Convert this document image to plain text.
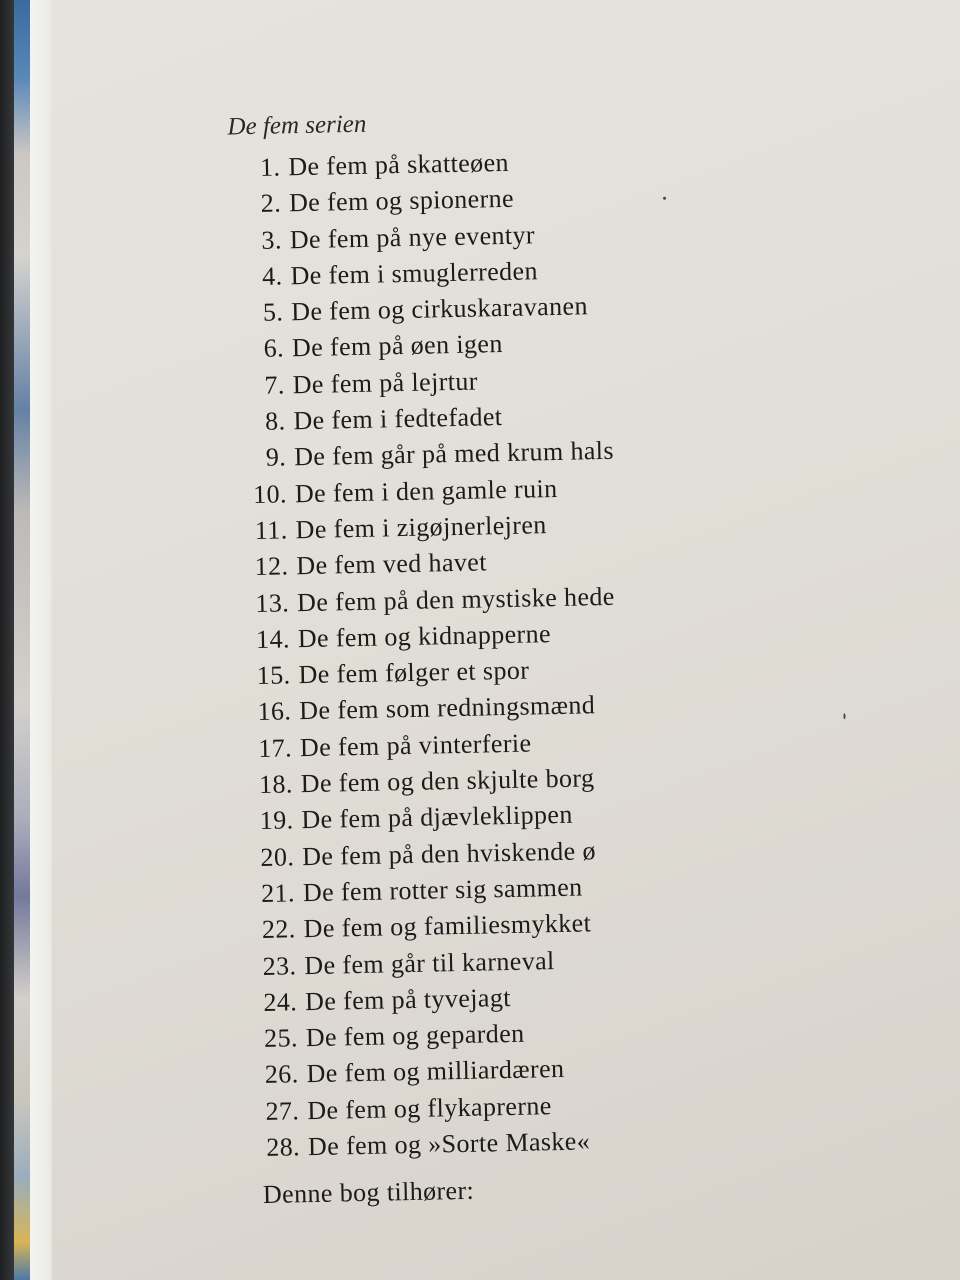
De fem serien
1. De fem på skatteøen
2. De fem og spionerne
3. De fem på nye eventyr
4. De fem i smuglerreden
5. De fem og cirkuskaravanen
6. De fem på øen igen
7. De fem på lejrtur
8. De fem i fedtefadet
9. De fem går på med krum hals
10. De fem i den gamle ruin
11. De fem i zigøjnerlejren
12. De fem ved havet
13. De fem på den mystiske hede
14. De fem og kidnapperne
15. De fem følger et spor
16. De fem som redningsmænd
17. De fem på vinterferie
18. De fem og den skjulte borg
19. De fem på djævleklippen
20. De fem på den hviskende ø
21. De fem rotter sig sammen
22. De fem og familiesmykket
23. De fem går til karneval
24. De fem på tyvejagt
25. De fem og geparden
26. De fem og milliardæren
27. De fem og flykaprerne
28. De fem og »Sorte Maske«
Denne bog tilhører:
